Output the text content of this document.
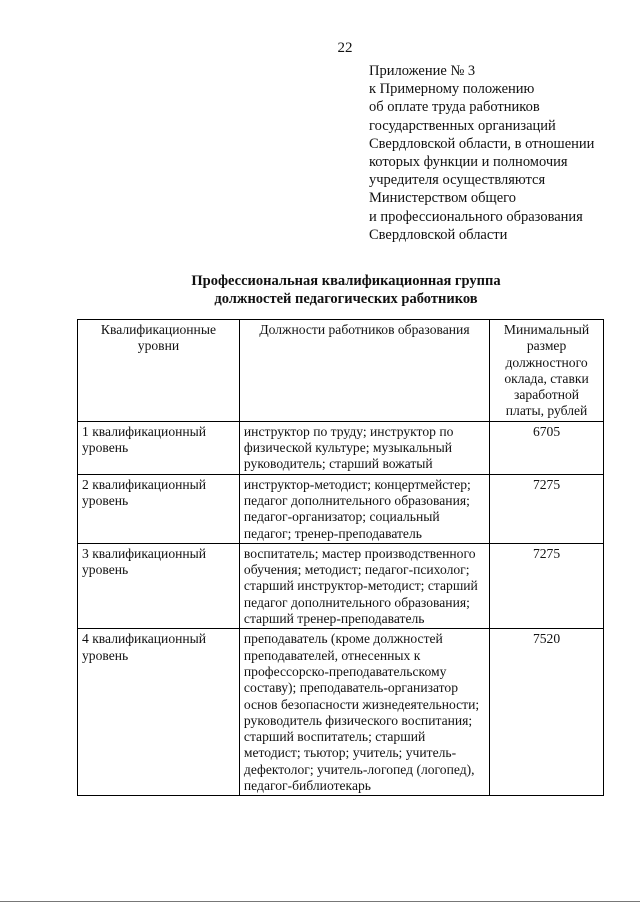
22
Приложение № 3
к Примерному положению
об оплате труда работников
государственных организаций
Свердловской области, в отношении
которых функции и полномочия
учредителя осуществляются
Министерством общего
и профессионального образования
Свердловской области
Профессиональная квалификационная группа
должностей педагогических работников
Квалификационные уровни	Должности работников образования	Минимальный размер должностного оклада, ставки заработной платы, рублей
1 квалификационный уровень	инструктор по труду; инструктор по физической культуре; музыкальный руководитель; старший вожатый	6705
2 квалификационный уровень	инструктор-методист; концертмейстер; педагог дополнительного образования; педагог-организатор; социальный педагог; тренер-преподаватель	7275
3 квалификационный уровень	воспитатель; мастер производственного обучения; методист; педагог-психолог; старший инструктор-методист; старший педагог дополнительного образования; старший тренер-преподаватель	7275
4 квалификационный уровень	преподаватель (кроме должностей преподавателей, отнесенных к профессорско-преподавательскому составу); преподаватель-организатор основ безопасности жизнедеятельности; руководитель физического воспитания; старший воспитатель; старший методист; тьютор; учитель; учитель-дефектолог; учитель-логопед (логопед), педагог-библиотекарь	7520
